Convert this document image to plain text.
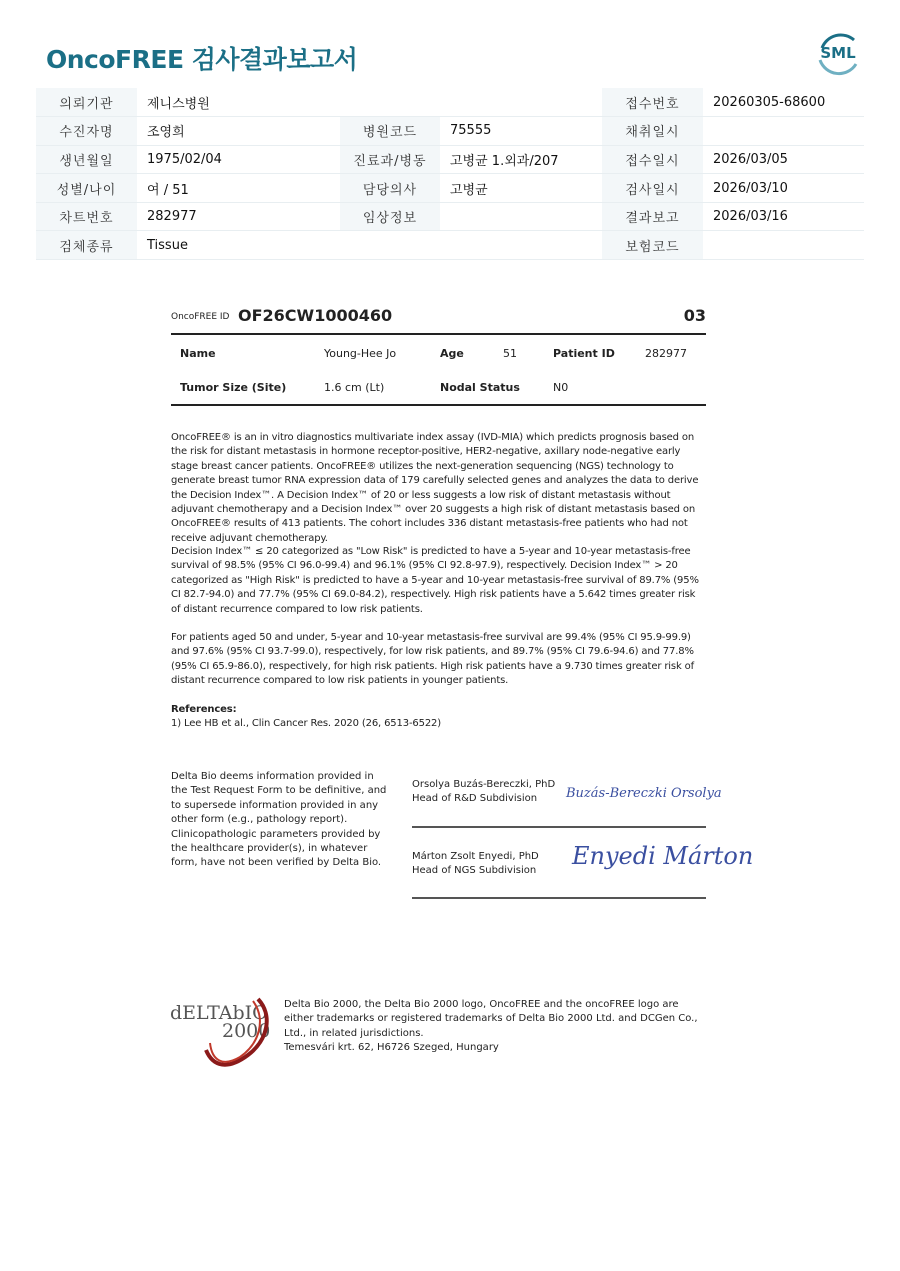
OncoFREE 검사결과보고서	SML
의뢰기관	제니스병원			접수번호	20260305-68600
수진자명	조영희	병원코드	75555	채취일시	
생년월일	1975/02/04	진료과/병동	고병균 1.외과/207	접수일시	2026/03/05
성별/나이	여 / 51	담당의사	고병균	검사일시	2026/03/10
차트번호	282977	임상정보		결과보고	2026/03/16
검체종류	Tissue			보험코드	
OncoFREE ID OF26CW1000460	03
Name	Young-Hee Jo	Age	51	Patient ID	282977
Tumor Size (Site)	1.6 cm (Lt)	Nodal Status	N0

OncoFREE® is an in vitro diagnostics multivariate index assay (IVD-MIA) which predicts prognosis based on the risk for distant metastasis in hormone receptor-positive, HER2-negative, axillary node-negative early stage breast cancer patients. OncoFREE® utilizes the next-generation sequencing (NGS) technology to generate breast tumor RNA expression data of 179 carefully selected genes and analyzes the data to derive the Decision Index™. A Decision Index™ of 20 or less suggests a low risk of distant metastasis without adjuvant chemotherapy and a Decision Index™ over 20 suggests a high risk of distant metastasis based on OncoFREE® results of 413 patients. The cohort includes 336 distant metastasis-free patients who had not receive adjuvant chemotherapy.

Decision Index™ ≤ 20 categorized as "Low Risk" is predicted to have a 5-year and 10-year metastasis-free survival of 98.5% (95% CI 96.0-99.4) and 96.1% (95% CI 92.8-97.9), respectively. Decision Index™ > 20 categorized as "High Risk" is predicted to have a 5-year and 10-year metastasis-free survival of 89.7% (95% CI 82.7-94.0) and 77.7% (95% CI 69.0-84.2), respectively. High risk patients have a 5.642 times greater risk of distant recurrence compared to low risk patients.

For patients aged 50 and under, 5-year and 10-year metastasis-free survival are 99.4% (95% CI 95.9-99.9) and 97.6% (95% CI 93.7-99.0), respectively, for low risk patients, and 89.7% (95% CI 79.6-94.6) and 77.8% (95% CI 65.9-86.0), respectively, for high risk patients. High risk patients have a 9.730 times greater risk of distant recurrence compared to low risk patients in younger patients.

References:

1) Lee HB et al., Clin Cancer Res. 2020 (26, 6513-6522)

Delta Bio deems information provided in the Test Request Form to be definitive, and to supersede information provided in any other form (e.g., pathology report). Clinicopathologic parameters provided by the healthcare provider(s), in whatever form, have not been verified by Delta Bio.

Orsolya Buzás-Bereczki, PhD
Head of R&D Subdivision	Buzás-Bereczki Orsolya
Márton Zsolt Enyedi, PhD
Head of NGS Subdivision
Enyedi Márton
dELTAbIO
2000
Delta Bio 2000, the Delta Bio 2000 logo, OncoFREE and the oncoFREE logo are either trademarks or registered trademarks of Delta Bio 2000 Ltd. and DCGen Co., Ltd., in related jurisdictions.
Temesvári krt. 62, H6726 Szeged, Hungary
